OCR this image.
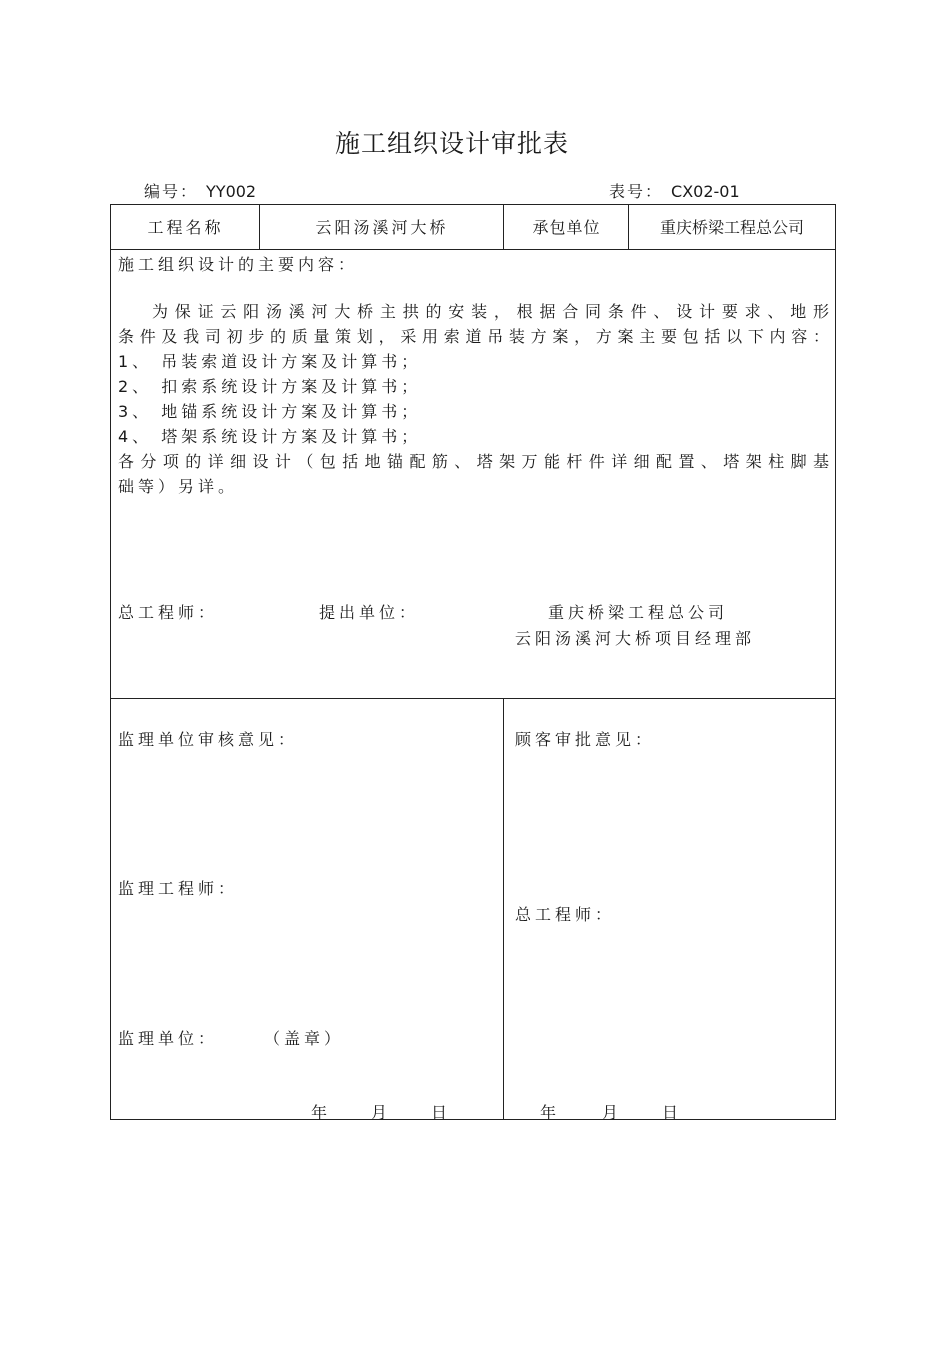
施工组织设计审批表
编号： YY002	表号： CX02-01
工程名称	云阳汤溪河大桥	承包单位	重庆桥梁工程总公司
施工组织设计的主要内容：
为保证云阳汤溪河大桥主拱的安装，根据合同条件、设计要求、地形
条件及我司初步的质量策划，采用索道吊装方案，方案主要包括以下内容：
1、 吊装索道设计方案及计算书；
2、 扣索系统设计方案及计算书；
3、 地锚系统设计方案及计算书；
4、 塔架系统设计方案及计算书；
各分项的详细设计（包括地锚配筋、塔架万能杆件详细配置、塔架柱脚基
础等）另详。
总工程师：	提出单位：	重庆桥梁工程总公司
云阳汤溪河大桥项目经理部
监理单位审核意见：
监理工程师：
监理单位：	（盖章）
年	月	日
顾客审批意见：
总工程师：
年	月	日
